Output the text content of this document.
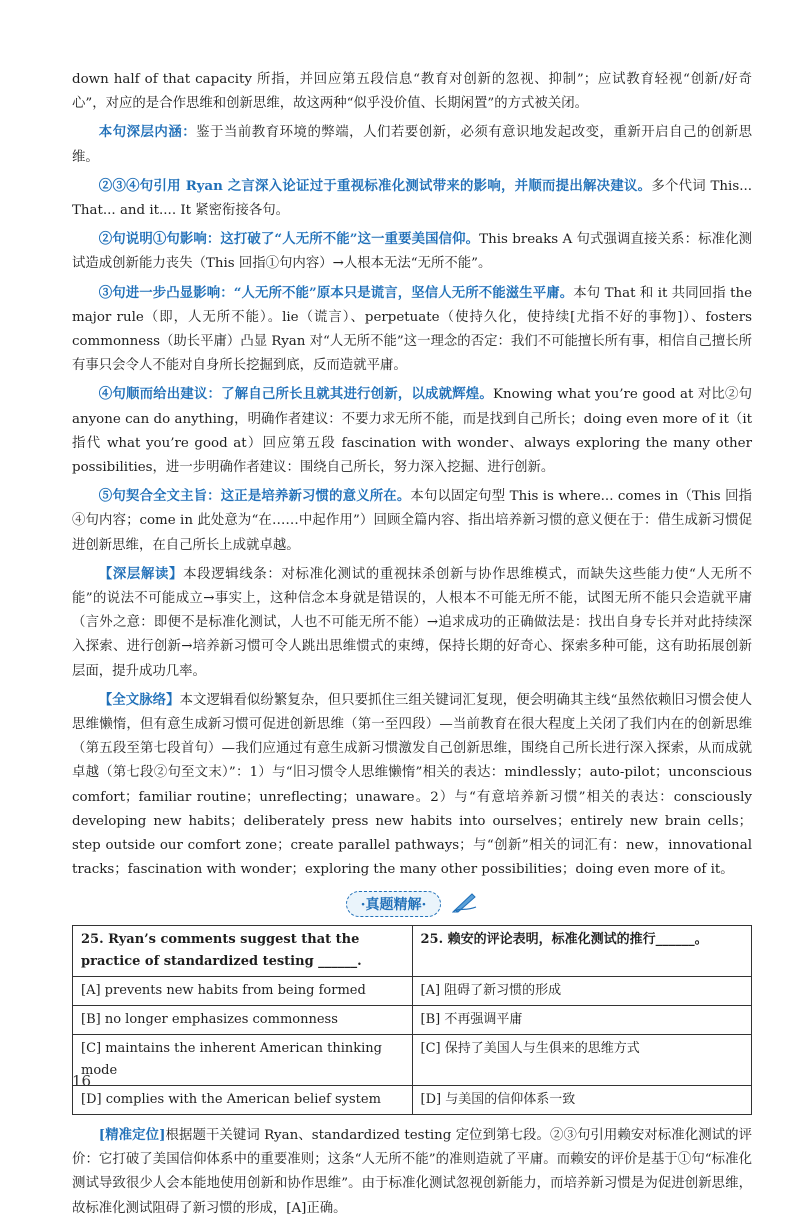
down half of that capacity 所指，并回应第五段信息“教育对创新的忽视、抑制”；应试教育轻视“创新/好奇心”，对应的是合作思维和创新思维，故这两种“似乎没价值、长期闲置”的方式被关闭。

本句深层内涵：鉴于当前教育环境的弊端，人们若要创新，必须有意识地发起改变，重新开启自己的创新思维。

②③④句引用 Ryan 之言深入论证过于重视标准化测试带来的影响，并顺而提出解决建议。多个代词 This... That... and it.... It 紧密衔接各句。

②句说明①句影响：这打破了“人无所不能”这一重要美国信仰。This breaks A 句式强调直接关系：标准化测试造成创新能力丧失（This 回指①句内容）→人根本无法“无所不能”。

③句进一步凸显影响：“人无所不能”原本只是谎言，坚信人无所不能滋生平庸。本句 That 和 it 共同回指 the major rule（即，人无所不能）。lie（谎言）、perpetuate（使持久化，使持续[尤指不好的事物]）、fosters commonness（助长平庸）凸显 Ryan 对“人无所不能”这一理念的否定：我们不可能擅长所有事，相信自己擅长所有事只会令人不能对自身所长挖掘到底，反而造就平庸。

④句顺而给出建议：了解自己所长且就其进行创新，以成就辉煌。Knowing what you’re good at 对比②句 anyone can do anything，明确作者建议：不要力求无所不能，而是找到自己所长；doing even more of it（it 指代 what you’re good at）回应第五段 fascination with wonder、always exploring the many other possibilities，进一步明确作者建议：围绕自己所长，努力深入挖掘、进行创新。

⑤句契合全文主旨：这正是培养新习惯的意义所在。本句以固定句型 This is where... comes in（This 回指④句内容；come in 此处意为“在……中起作用”）回顾全篇内容、指出培养新习惯的意义便在于：借生成新习惯促进创新思维，在自己所长上成就卓越。

【深层解读】本段逻辑线条：对标准化测试的重视抹杀创新与协作思维模式，而缺失这些能力使“人无所不能”的说法不可能成立→事实上，这种信念本身就是错误的，人根本不可能无所不能，试图无所不能只会造就平庸（言外之意：即便不是标准化测试，人也不可能无所不能）→追求成功的正确做法是：找出自身专长并对此持续深入探索、进行创新→培养新习惯可令人跳出思维惯式的束缚，保持长期的好奇心、探索多种可能，这有助拓展创新层面，提升成功几率。

【全文脉络】本文逻辑看似纷繁复杂，但只要抓住三组关键词汇复现，便会明确其主线“虽然依赖旧习惯会使人思维懒惰，但有意生成新习惯可促进创新思维（第一至四段）—当前教育在很大程度上关闭了我们内在的创新思维（第五段至第七段首句）—我们应通过有意生成新习惯激发自己创新思维，围绕自己所长进行深入探索，从而成就卓越（第七段②句至文末）”：1）与“旧习惯令人思维懒惰”相关的表达：mindlessly；auto-pilot；unconscious comfort；familiar routine；unreflecting；unaware。2）与“有意培养新习惯”相关的表达：consciously developing new habits；deliberately press new habits into ourselves；entirely new brain cells；step outside our comfort zone；create parallel pathways；与“创新”相关的词汇有：new，innovational tracks；fascination with wonder；exploring the many other possibilities；doing even more of it。

·真题精解·
25. Ryan’s comments suggest that the practice of standardized testing ______.	25. 赖安的评论表明，标准化测试的推行______。
[A] prevents new habits from being formed	[A] 阻碍了新习惯的形成
[B] no longer emphasizes commonness	[B] 不再强调平庸
[C] maintains the inherent American thinking mode	[C] 保持了美国人与生俱来的思维方式
[D] complies with the American belief system	[D] 与美国的信仰体系一致

[精准定位]根据题干关键词 Ryan、standardized testing 定位到第七段。②③句引用赖安对标准化测试的评价：它打破了美国信仰体系中的重要准则；这条“人无所不能”的准则造就了平庸。而赖安的评价是基于①句“标准化测试导致很少人会本能地使用创新和协作思维”。由于标准化测试忽视创新能力，而培养新习惯是为促进创新思维，故标准化测试阻碍了新习惯的形成，[A]正确。

16
